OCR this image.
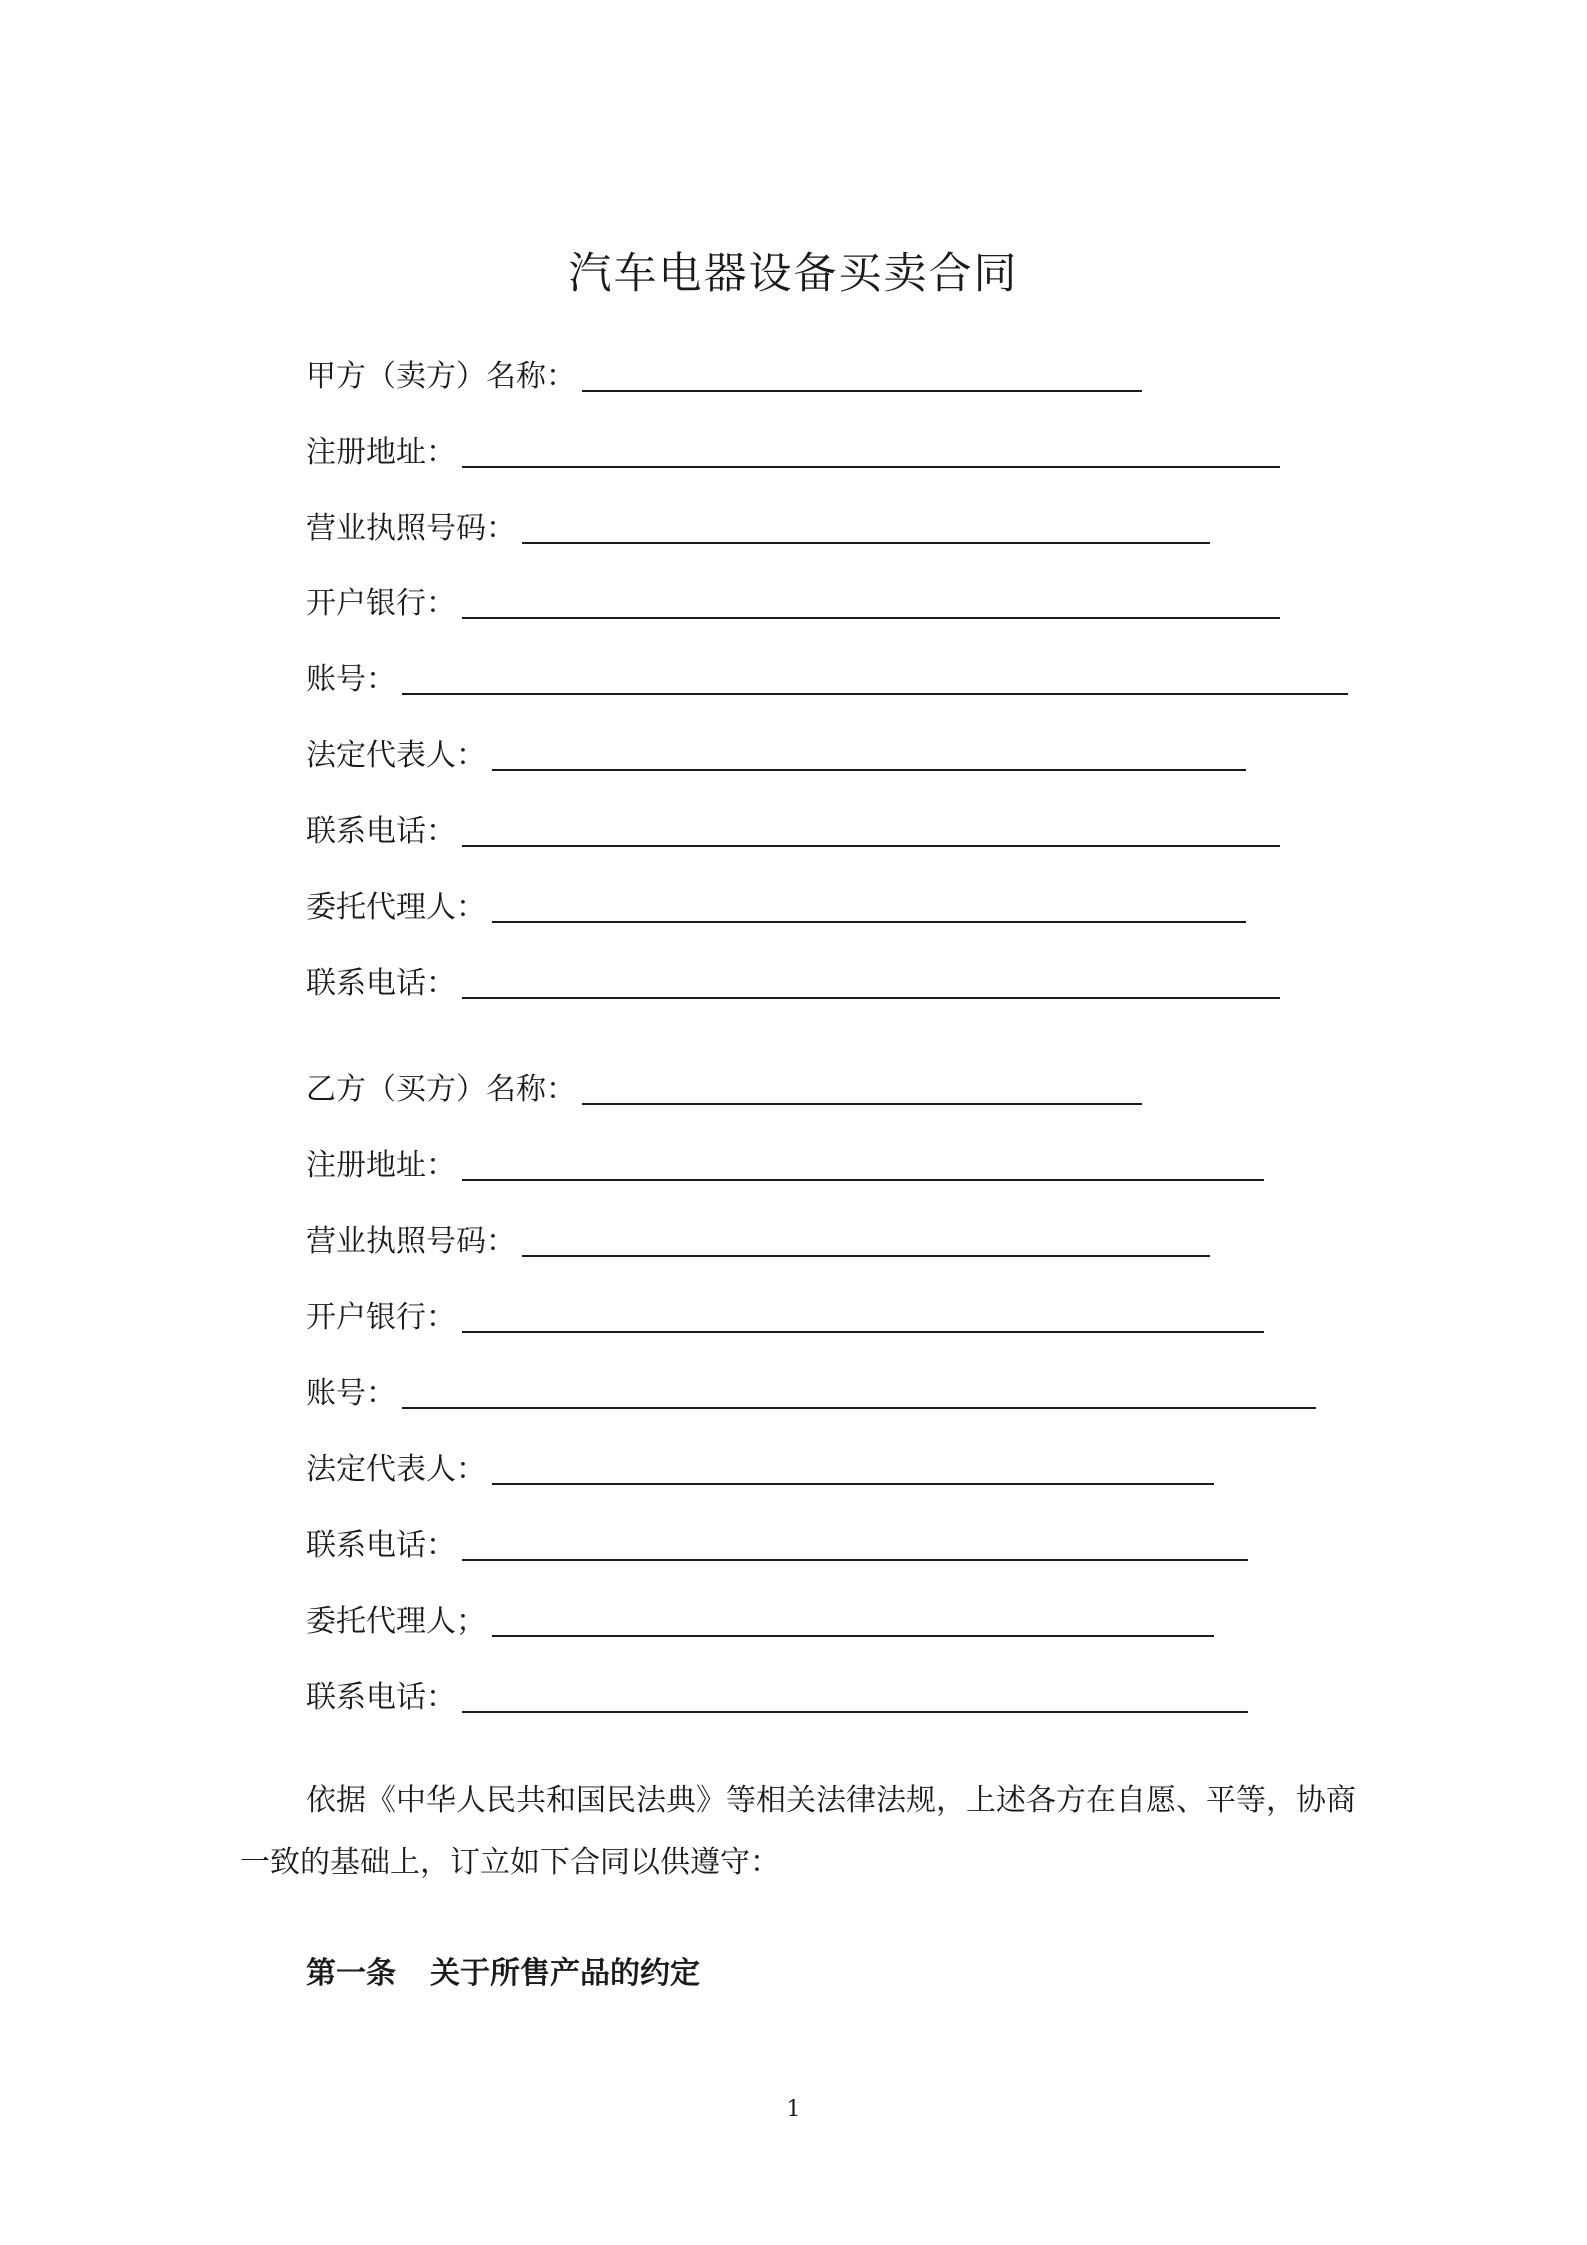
汽车电器设备买卖合同
甲方（卖方）名称：
注册地址：
营业执照号码：
开户银行：
账号：
法定代表人：
联系电话：
委托代理人：
联系电话：
乙方（买方）名称：
注册地址：
营业执照号码：
开户银行：
账号：
法定代表人：
联系电话：
委托代理人；
联系电话：
依据《中华人民共和国民法典》等相关法律法规，上述各方在自愿、平等，协商一致的基础上，订立如下合同以供遵守：
第一条 关于所售产品的约定
1
